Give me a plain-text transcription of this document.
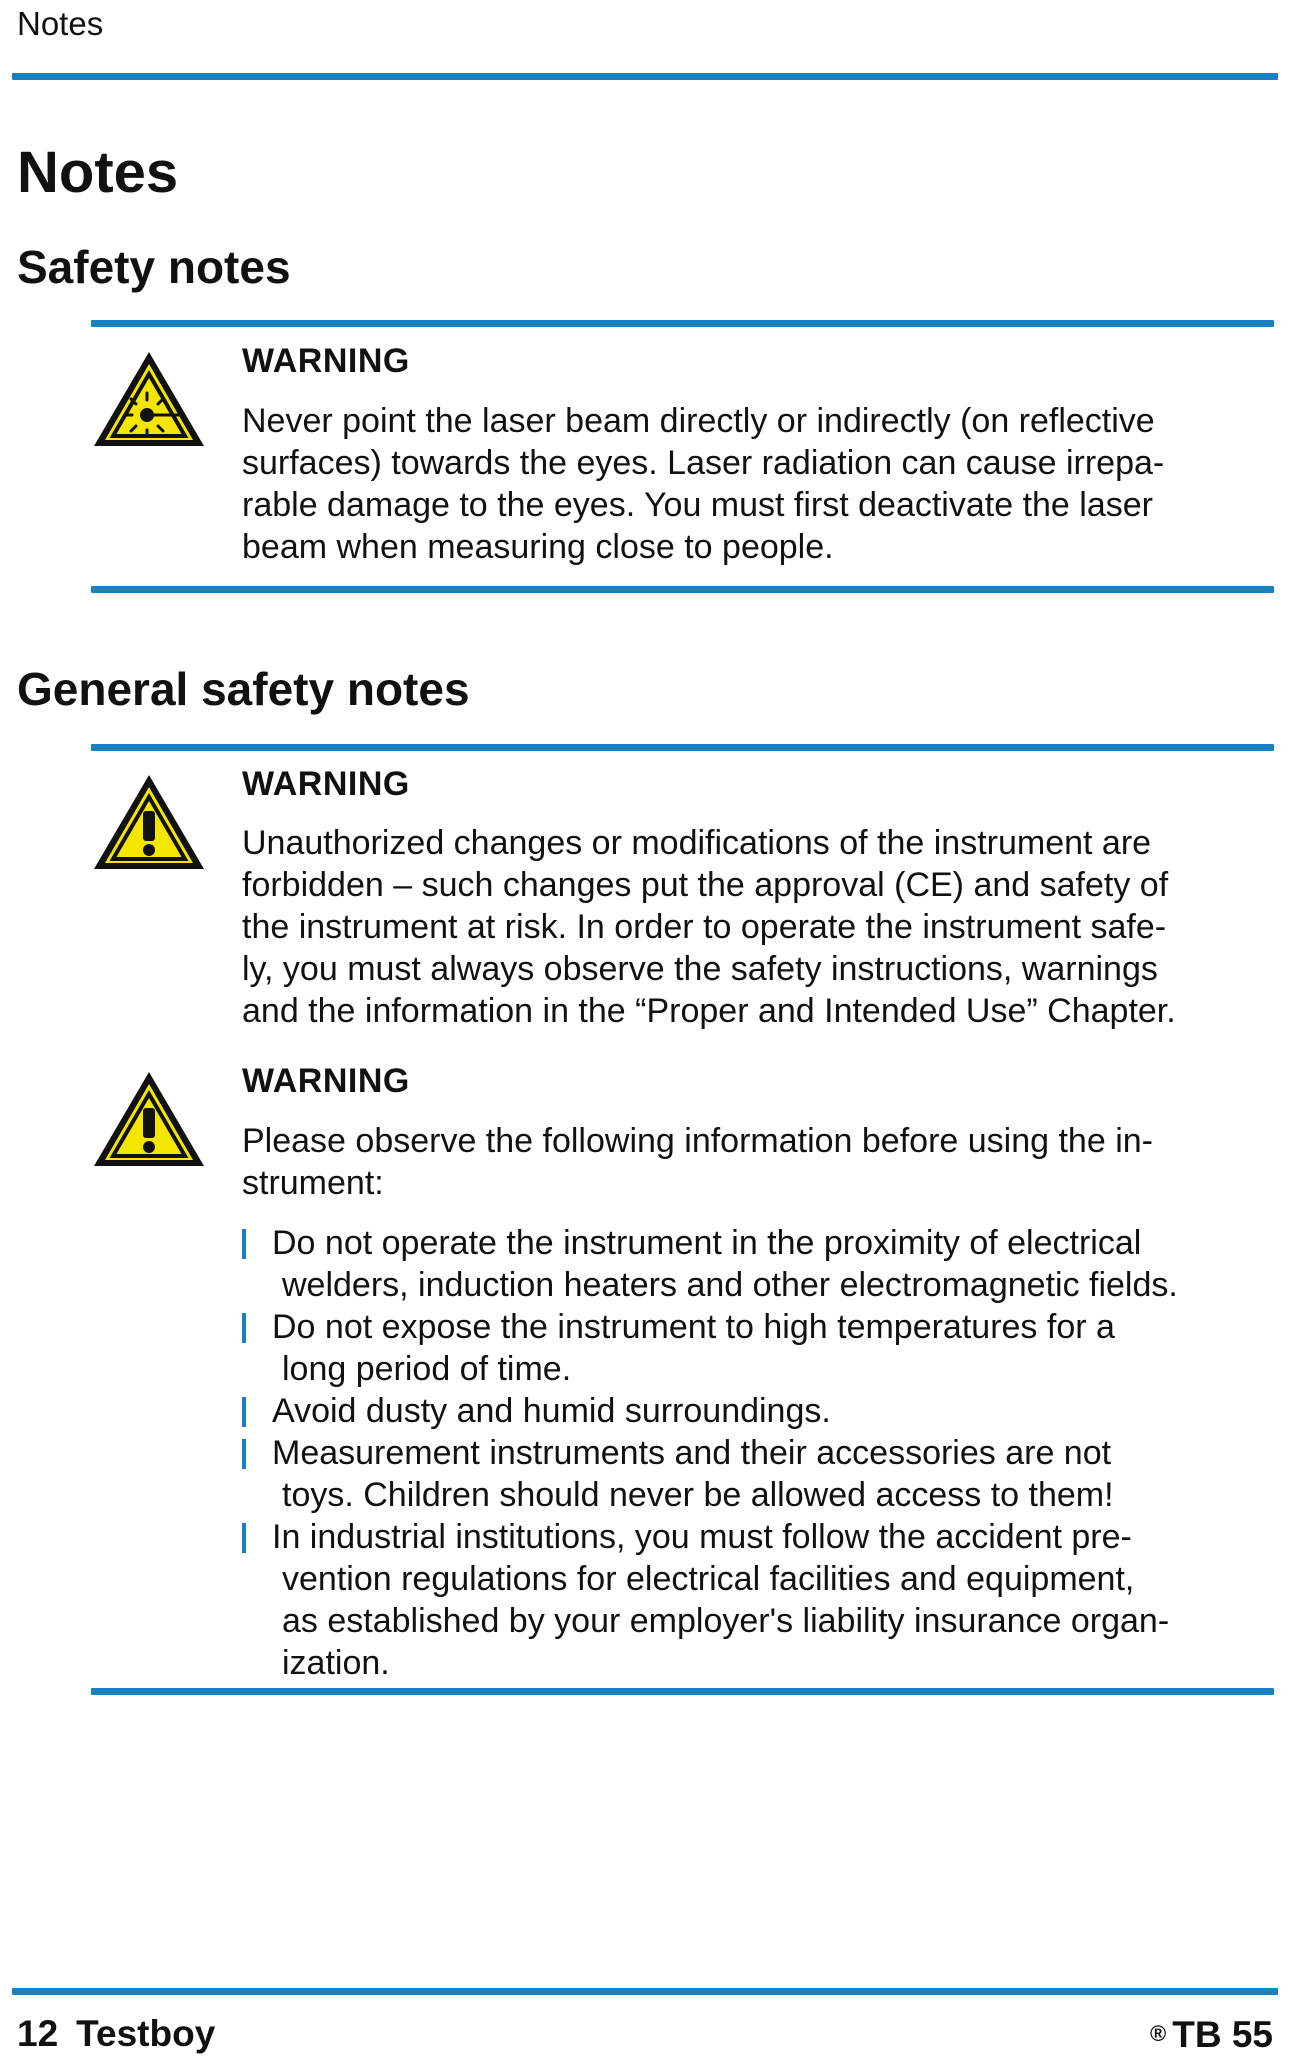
Notes
Notes
Safety notes
WARNING
Never point the laser beam directly or indirectly (on reflective
surfaces) towards the eyes. Laser radiation can cause irrepa-
rable damage to the eyes. You must first deactivate the laser
beam when measuring close to people.
General safety notes
WARNING
Unauthorized changes or modifications of the instrument are
forbidden – such changes put the approval (CE) and safety of
the instrument at risk. In order to operate the instrument safe-
ly, you must always observe the safety instructions, warnings
and the information in the “Proper and Intended Use” Chapter.
WARNING
Please observe the following information before using the in-
strument:
Do not operate the instrument in the proximity of electrical
welders, induction heaters and other electromagnetic fields.
Do not expose the instrument to high temperatures for a
long period of time.
Avoid dusty and humid surroundings.
Measurement instruments and their accessories are not
toys. Children should never be allowed access to them!
In industrial institutions, you must follow the accident pre-
vention regulations for electrical facilities and equipment,
as established by your employer's liability insurance organ-
ization.
12 Testboy	® TB 55
